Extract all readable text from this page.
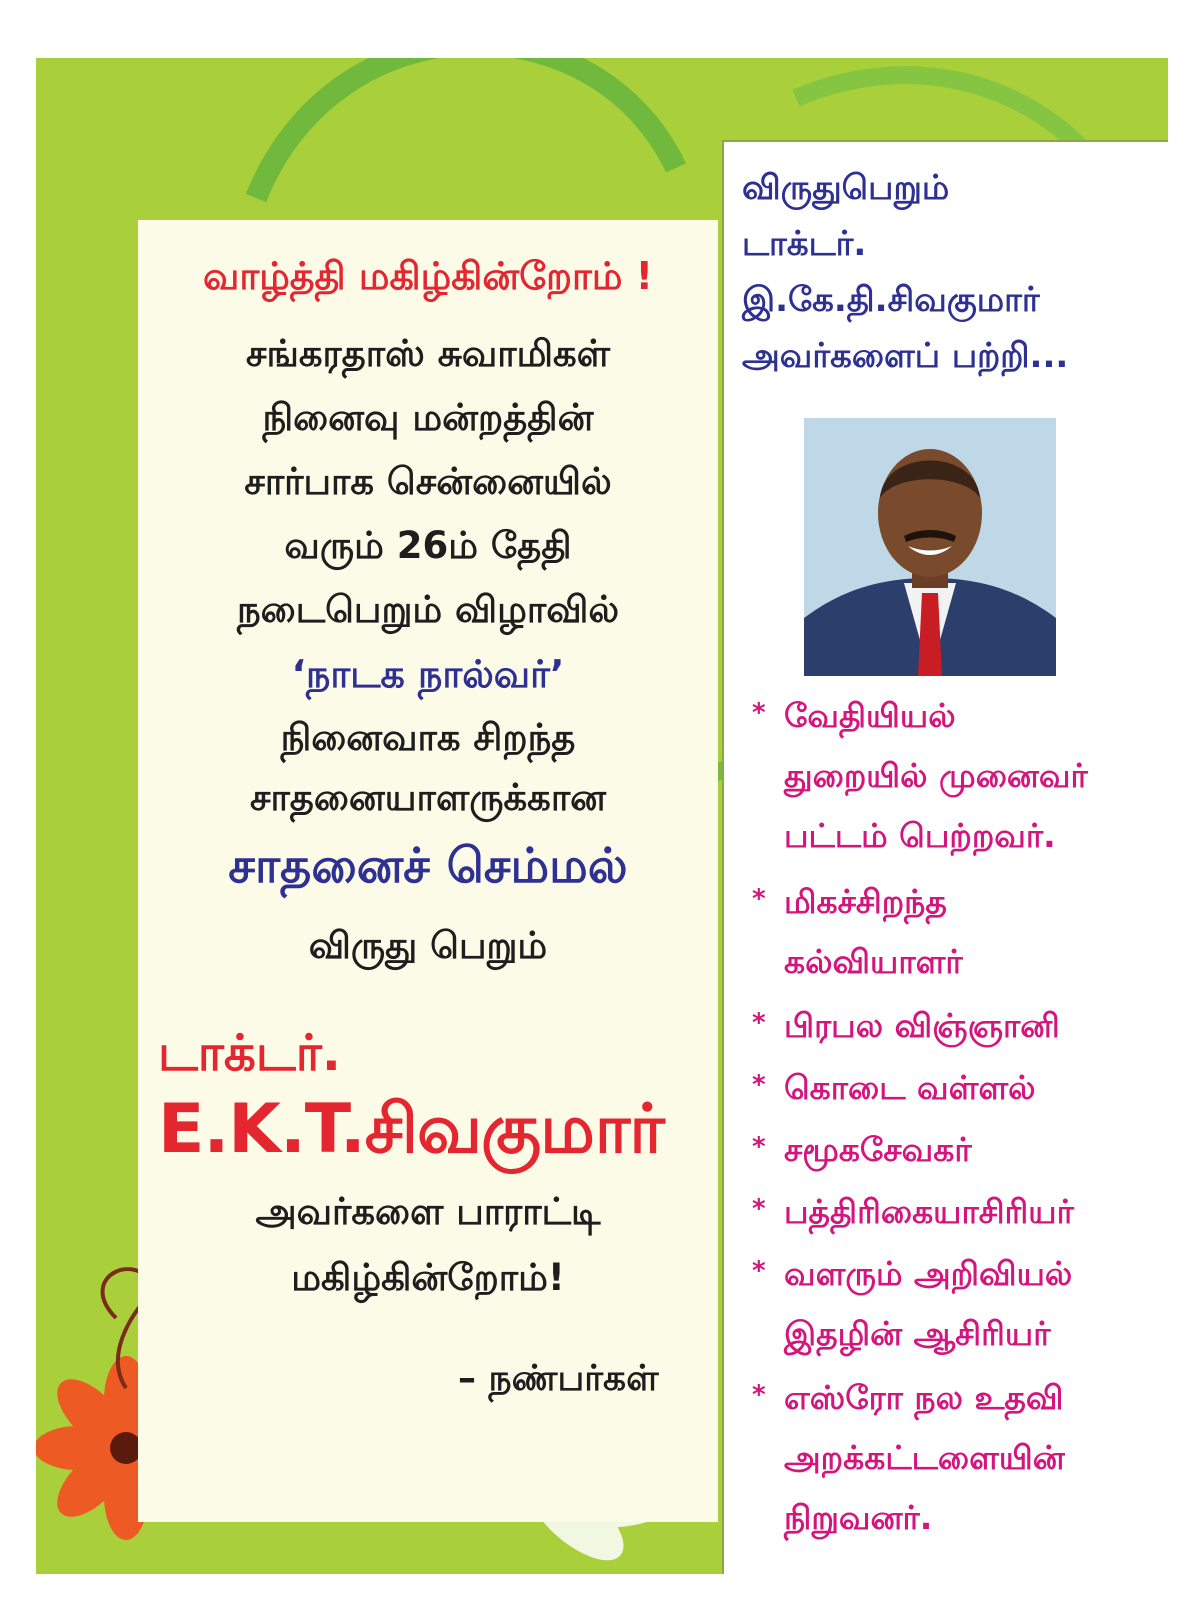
வாழ்த்தி மகிழ்கின்றோம் !
சங்கரதாஸ் சுவாமிகள்
நினைவு மன்றத்தின்
சார்பாக சென்னையில்
வரும் 26ம் தேதி
நடைபெறும் விழாவில்
‘நாடக நால்வர்’
நினைவாக சிறந்த
சாதனையாளருக்கான
சாதனைச் செம்மல்
விருது பெறும்
டாக்டர்.
E.K.T.சிவகுமார்
அவர்களை பாராட்டி
மகிழ்கின்றோம்!
– நண்பர்கள்
விருதுபெறும்
டாக்டர்.
இ.கே.தி.சிவகுமார்
அவர்களைப் பற்றி...
* வேதியியல்
துறையில் முனைவர்
பட்டம் பெற்றவர்.
* மிகச்சிறந்த
கல்வியாளர்
* பிரபல விஞ்ஞானி
* கொடை வள்ளல்
* சமூகசேவகர்
* பத்திரிகையாசிரியர்
* வளரும் அறிவியல்
இதழின் ஆசிரியர்
* எஸ்ரோ நல உதவி
அறக்கட்டளையின்
நிறுவனர்.
